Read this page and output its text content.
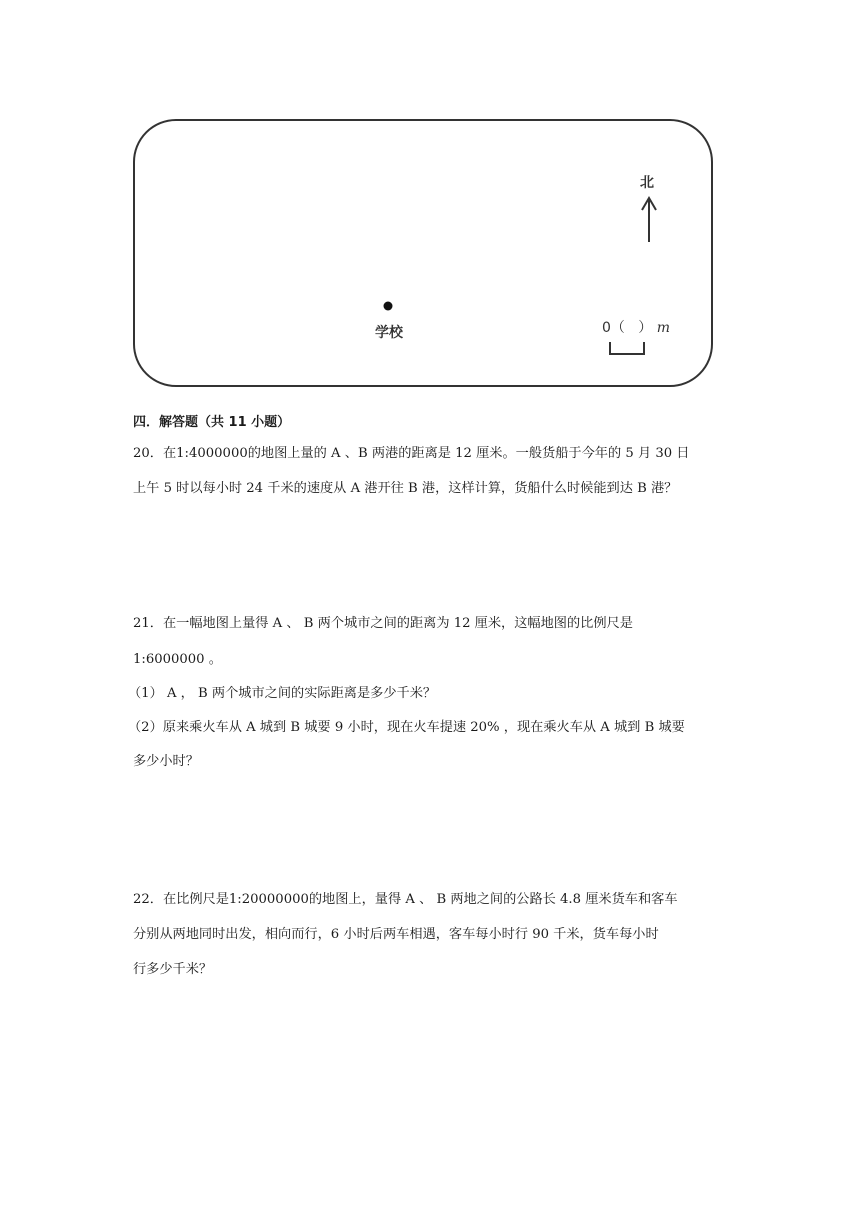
北
学校	0（ ） m
四．解答题（共 11 小题）
20．在1:4000000的地图上量的 A 、B 两港的距离是 12 厘米。一般货船于今年的 5 月 30 日
上午 5 时以每小时 24 千米的速度从 A 港开往 B 港，这样计算，货船什么时候能到达 B 港？
21．在一幅地图上量得 A 、 B 两个城市之间的距离为 12 厘米，这幅地图的比例尺是
1:6000000 。
（1） A ， B 两个城市之间的实际距离是多少千米？
（2）原来乘火车从 A 城到 B 城要 9 小时，现在火车提速 20% ，现在乘火车从 A 城到 B 城要
多少小时？
22．在比例尺是1:20000000的地图上，量得 A 、 B 两地之间的公路长 4.8 厘米货车和客车
分别从两地同时出发，相向而行，6 小时后两车相遇，客车每小时行 90 千米，货车每小时
行多少千米？
